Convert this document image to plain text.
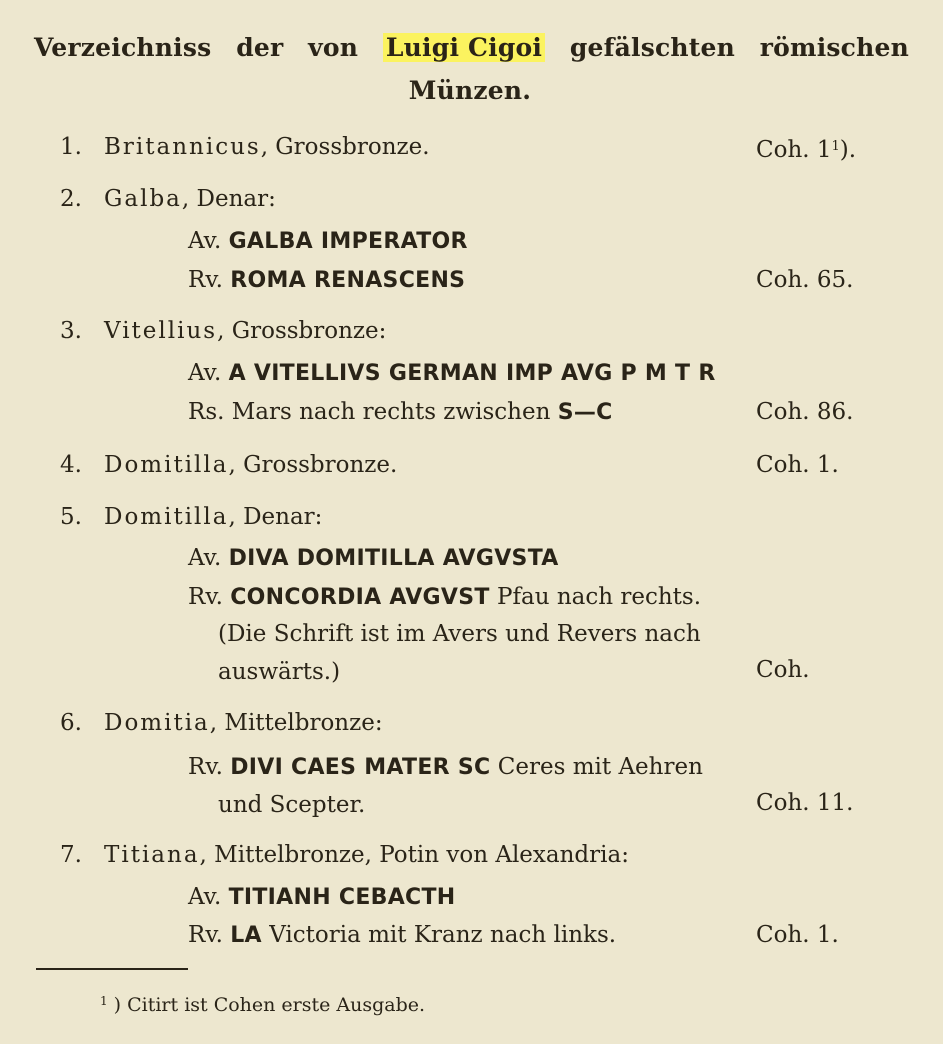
Verzeichniss der von Luigi Cigoi gefälschten römischen
Münzen.
1. Britannicus, Grossbronze.	Coh. $1^1$).
2. Galba, Denar:
Av. GALBA IMPERATOR
Rv. ROMA RENASCENS	Coh. 65.
3. Vitellius, Grossbronze:
Av. A VITELLIVS GERMAN IMP AVG P M T R
Rs. Mars nach rechts zwischen S—C	Coh. 86.
4. Domitilla, Grossbronze.	Coh. 1.
5. Domitilla, Denar:
Av. DIVA DOMITILLA AVGVSTA
Rv. CONCORDIA AVGVST Pfau nach rechts.
(Die Schrift ist im Avers und Revers nach
auswärts.)	Coh.
6. Domitia, Mittelbronze:
Rv. DIVI CAES MATER SC Ceres mit Aehren
und Scepter.	Coh. 11.
7. Titiana, Mittelbronze, Potin von Alexandria:
Av. TITIANH CEBACTH
Rv. LA Victoria mit Kranz nach links.	Coh. 1.
$^1$ ) Citirt ist Cohen erste Ausgabe.
